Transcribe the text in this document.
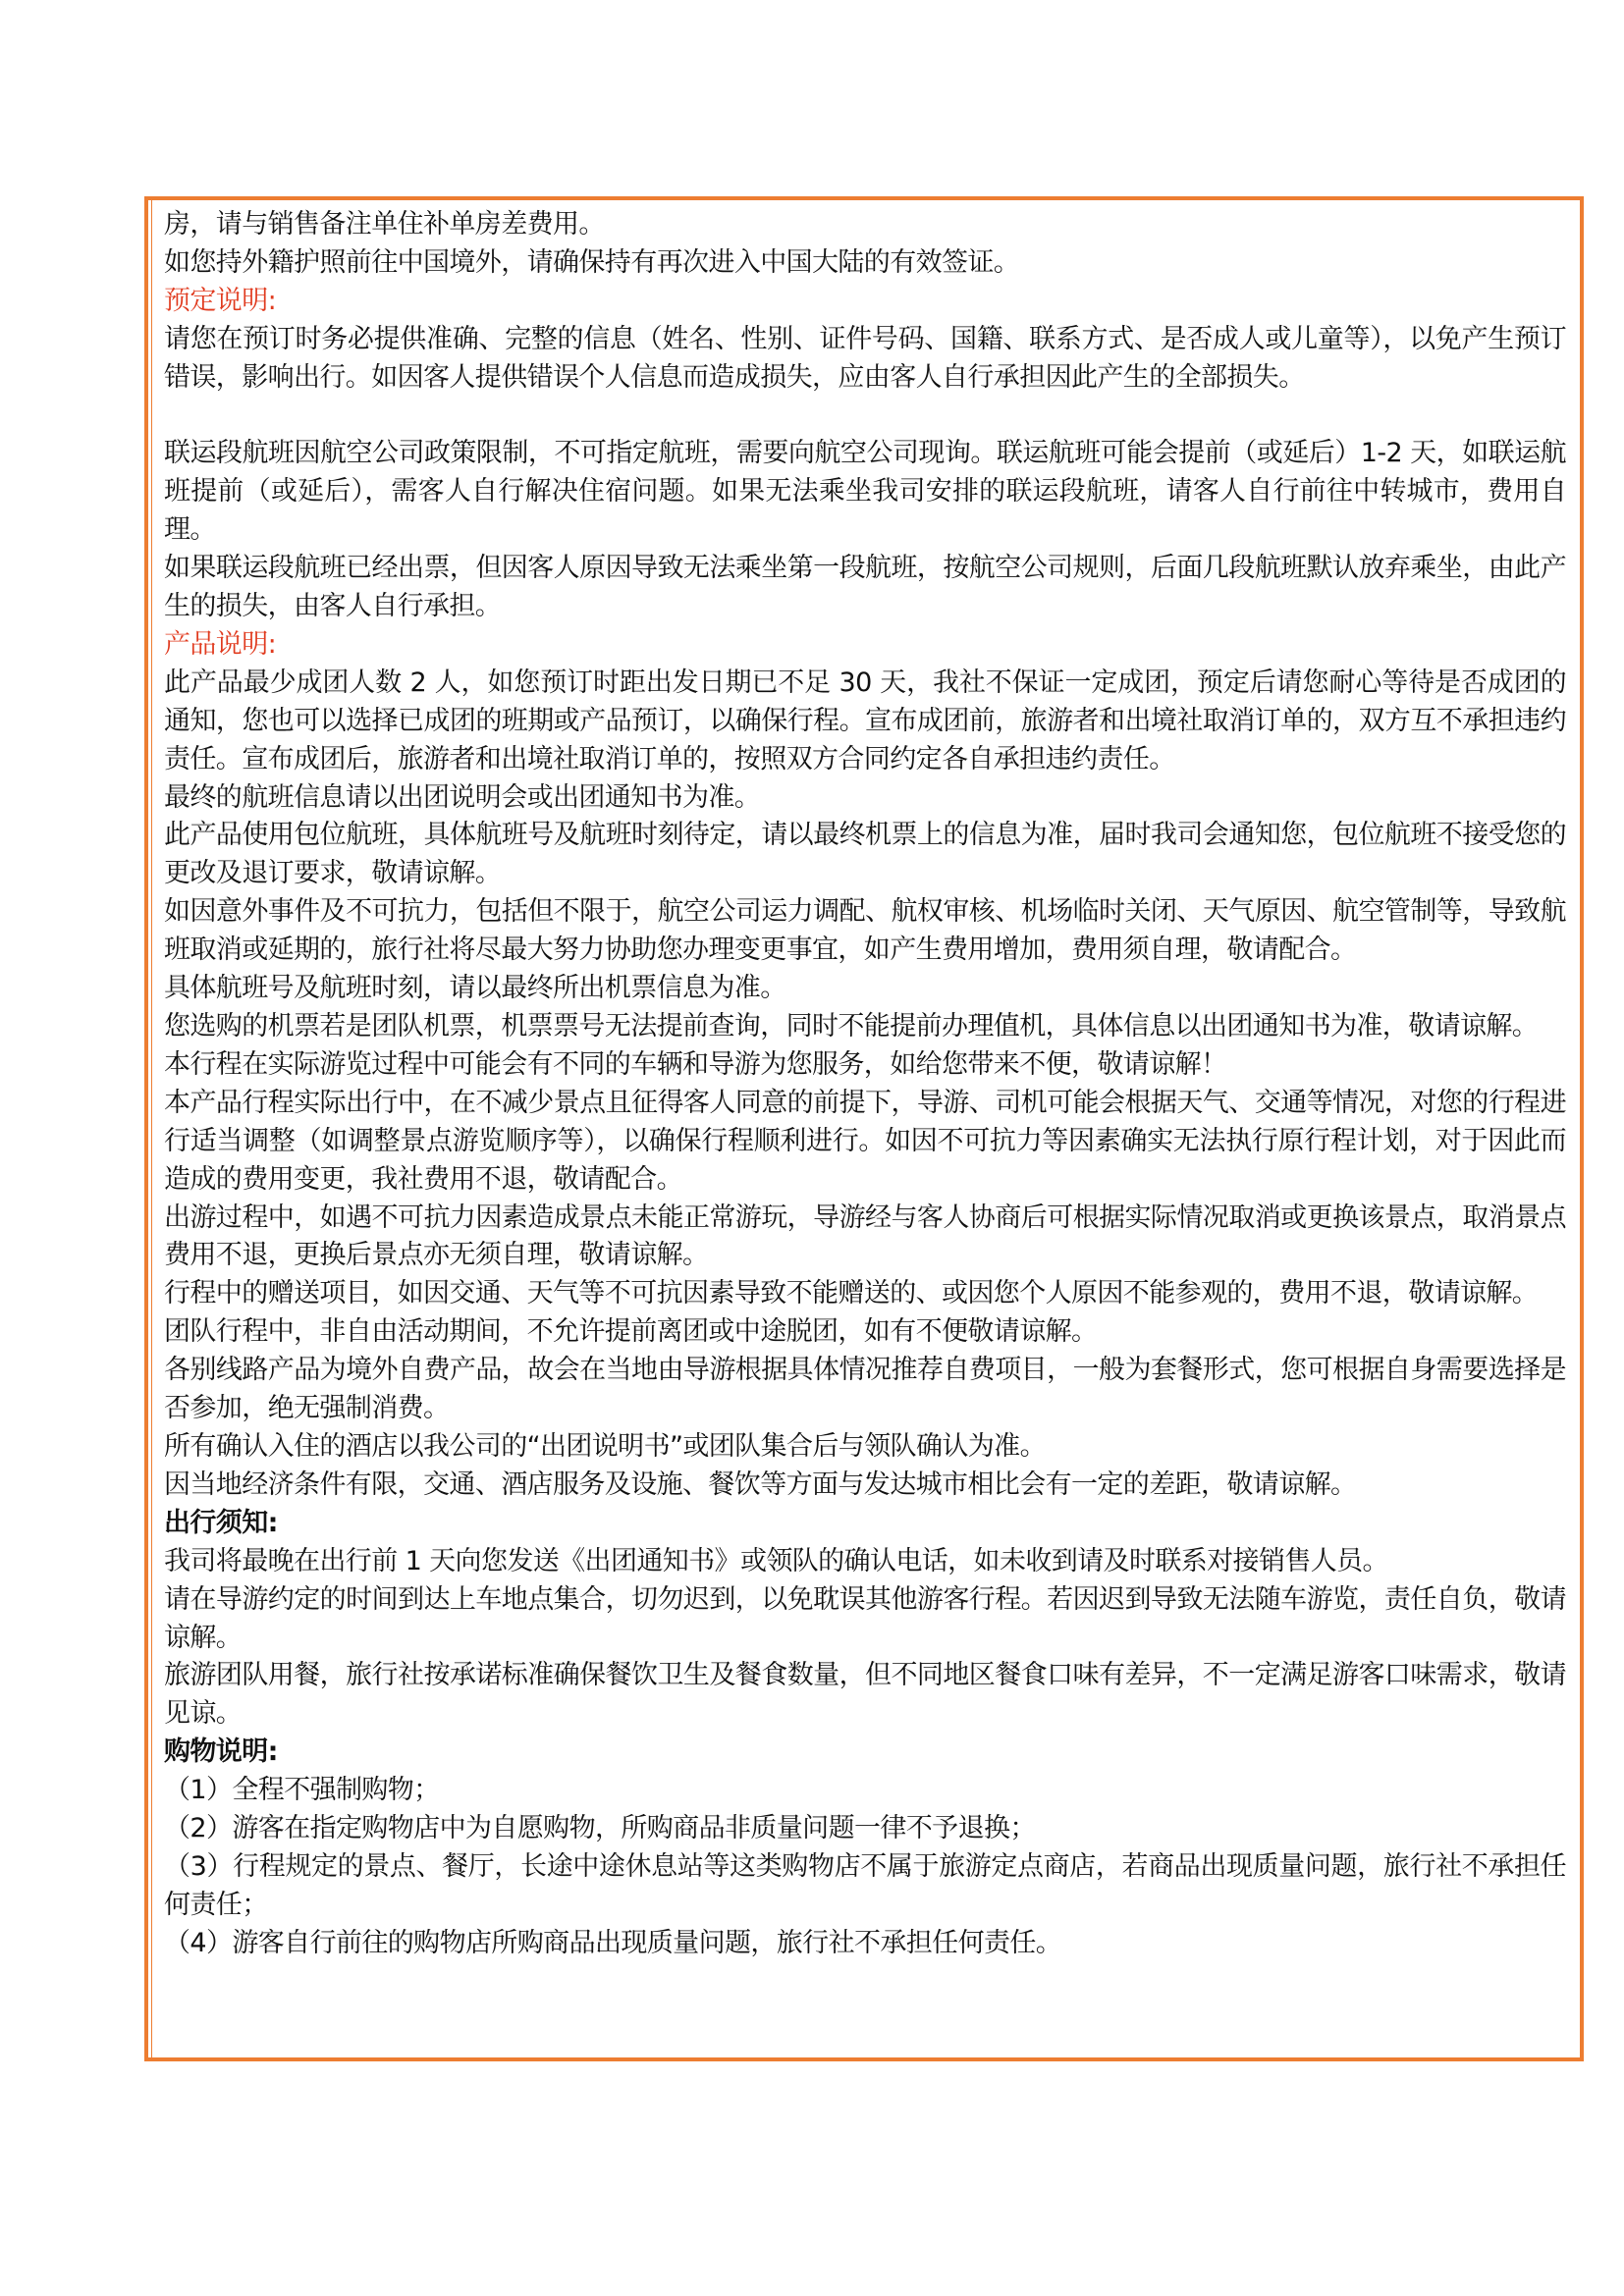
房，请与销售备注单住补单房差费用。

如您持外籍护照前往中国境外，请确保持有再次进入中国大陆的有效签证。

预定说明:

请您在预订时务必提供准确、完整的信息（姓名、性别、证件号码、国籍、联系方式、是否成人或儿童等），以免产生预订错误，影响出行。如因客人提供错误个人信息而造成损失，应由客人自行承担因此产生的全部损失。

联运段航班因航空公司政策限制，不可指定航班，需要向航空公司现询。联运航班可能会提前（或延后）1-2 天，如联运航班提前（或延后），需客人自行解决住宿问题。如果无法乘坐我司安排的联运段航班，请客人自行前往中转城市，费用自理。

如果联运段航班已经出票，但因客人原因导致无法乘坐第一段航班，按航空公司规则，后面几段航班默认放弃乘坐，由此产生的损失，由客人自行承担。

产品说明:

此产品最少成团人数 2 人，如您预订时距出发日期已不足 30 天，我社不保证一定成团，预定后请您耐心等待是否成团的通知，您也可以选择已成团的班期或产品预订，以确保行程。宣布成团前，旅游者和出境社取消订单的，双方互不承担违约责任。宣布成团后，旅游者和出境社取消订单的，按照双方合同约定各自承担违约责任。

最终的航班信息请以出团说明会或出团通知书为准。

此产品使用包位航班，具体航班号及航班时刻待定，请以最终机票上的信息为准，届时我司会通知您，包位航班不接受您的更改及退订要求，敬请谅解。

如因意外事件及不可抗力，包括但不限于，航空公司运力调配、航权审核、机场临时关闭、天气原因、航空管制等，导致航班取消或延期的，旅行社将尽最大努力协助您办理变更事宜，如产生费用增加，费用须自理，敬请配合。

具体航班号及航班时刻，请以最终所出机票信息为准。

您选购的机票若是团队机票，机票票号无法提前查询，同时不能提前办理值机，具体信息以出团通知书为准，敬请谅解。

本行程在实际游览过程中可能会有不同的车辆和导游为您服务，如给您带来不便，敬请谅解！

本产品行程实际出行中，在不减少景点且征得客人同意的前提下，导游、司机可能会根据天气、交通等情况，对您的行程进行适当调整（如调整景点游览顺序等），以确保行程顺利进行。如因不可抗力等因素确实无法执行原行程计划，对于因此而造成的费用变更，我社费用不退，敬请配合。

出游过程中，如遇不可抗力因素造成景点未能正常游玩，导游经与客人协商后可根据实际情况取消或更换该景点，取消景点费用不退，更换后景点亦无须自理，敬请谅解。

行程中的赠送项目，如因交通、天气等不可抗因素导致不能赠送的、或因您个人原因不能参观的，费用不退，敬请谅解。

团队行程中，非自由活动期间，不允许提前离团或中途脱团，如有不便敬请谅解。

各别线路产品为境外自费产品，故会在当地由导游根据具体情况推荐自费项目，一般为套餐形式，您可根据自身需要选择是否参加，绝无强制消费。

所有确认入住的酒店以我公司的“出团说明书”或团队集合后与领队确认为准。

因当地经济条件有限，交通、酒店服务及设施、餐饮等方面与发达城市相比会有一定的差距，敬请谅解。

出行须知:

我司将最晚在出行前 1 天向您发送《出团通知书》或领队的确认电话，如未收到请及时联系对接销售人员。

请在导游约定的时间到达上车地点集合，切勿迟到，以免耽误其他游客行程。若因迟到导致无法随车游览，责任自负，敬请谅解。

旅游团队用餐，旅行社按承诺标准确保餐饮卫生及餐食数量，但不同地区餐食口味有差异，不一定满足游客口味需求，敬请见谅。

购物说明:

（1）全程不强制购物；

（2）游客在指定购物店中为自愿购物，所购商品非质量问题一律不予退换；

（3）行程规定的景点、餐厅，长途中途休息站等这类购物店不属于旅游定点商店，若商品出现质量问题，旅行社不承担任何责任；

（4）游客自行前往的购物店所购商品出现质量问题，旅行社不承担任何责任。
